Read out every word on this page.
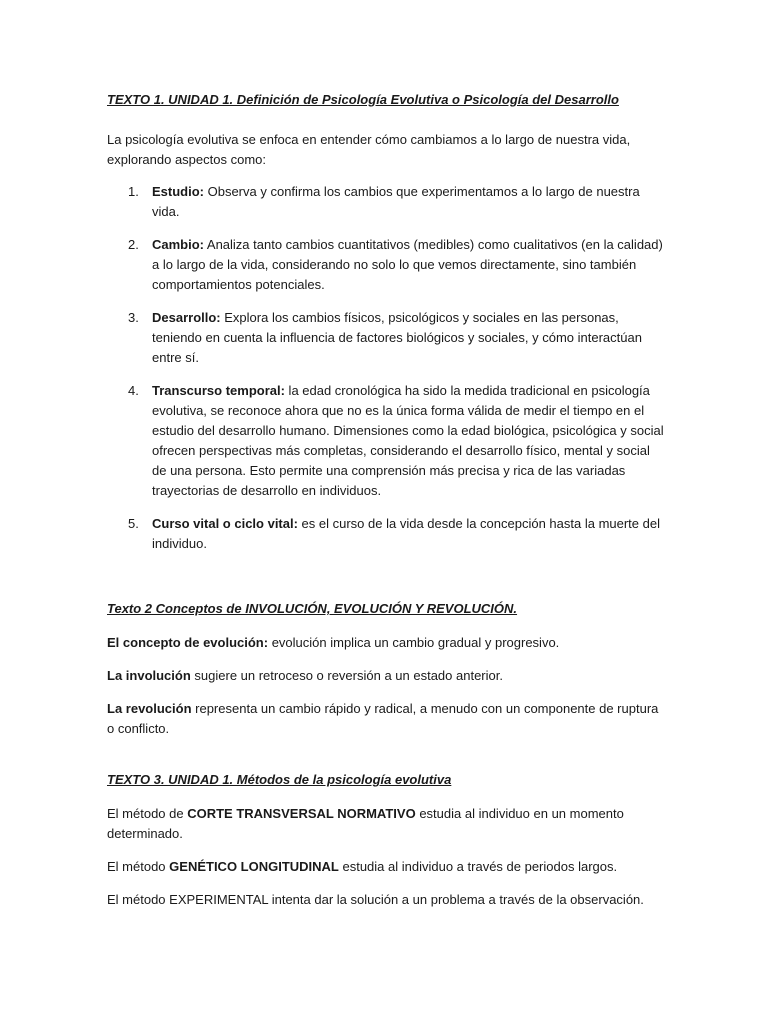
TEXTO 1. UNIDAD 1. Definición de Psicología Evolutiva o Psicología del Desarrollo

La psicología evolutiva se enfoca en entender cómo cambiamos a lo largo de nuestra vida, explorando aspectos como:

1. Estudio: Observa y confirma los cambios que experimentamos a lo largo de nuestra vida.
2. Cambio: Analiza tanto cambios cuantitativos (medibles) como cualitativos (en la calidad) a lo largo de la vida, considerando no solo lo que vemos directamente, sino también comportamientos potenciales.
3. Desarrollo: Explora los cambios físicos, psicológicos y sociales en las personas, teniendo en cuenta la influencia de factores biológicos y sociales, y cómo interactúan entre sí.
4. Transcurso temporal: la edad cronológica ha sido la medida tradicional en psicología evolutiva, se reconoce ahora que no es la única forma válida de medir el tiempo en el estudio del desarrollo humano. Dimensiones como la edad biológica, psicológica y social ofrecen perspectivas más completas, considerando el desarrollo físico, mental y social de una persona. Esto permite una comprensión más precisa y rica de las variadas trayectorias de desarrollo en individuos.
5. Curso vital o ciclo vital: es el curso de la vida desde la concepción hasta la muerte del individuo.

Texto 2 Conceptos de INVOLUCIÓN, EVOLUCIÓN Y REVOLUCIÓN.

El concepto de evolución: evolución implica un cambio gradual y progresivo.

La involución sugiere un retroceso o reversión a un estado anterior.

La revolución representa un cambio rápido y radical, a menudo con un componente de ruptura o conflicto.

TEXTO 3. UNIDAD 1. Métodos de la psicología evolutiva

El método de CORTE TRANSVERSAL NORMATIVO estudia al individuo en un momento determinado.

El método GENÉTICO LONGITUDINAL estudia al individuo a través de periodos largos.

El método EXPERIMENTAL intenta dar la solución a un problema a través de la observación.
